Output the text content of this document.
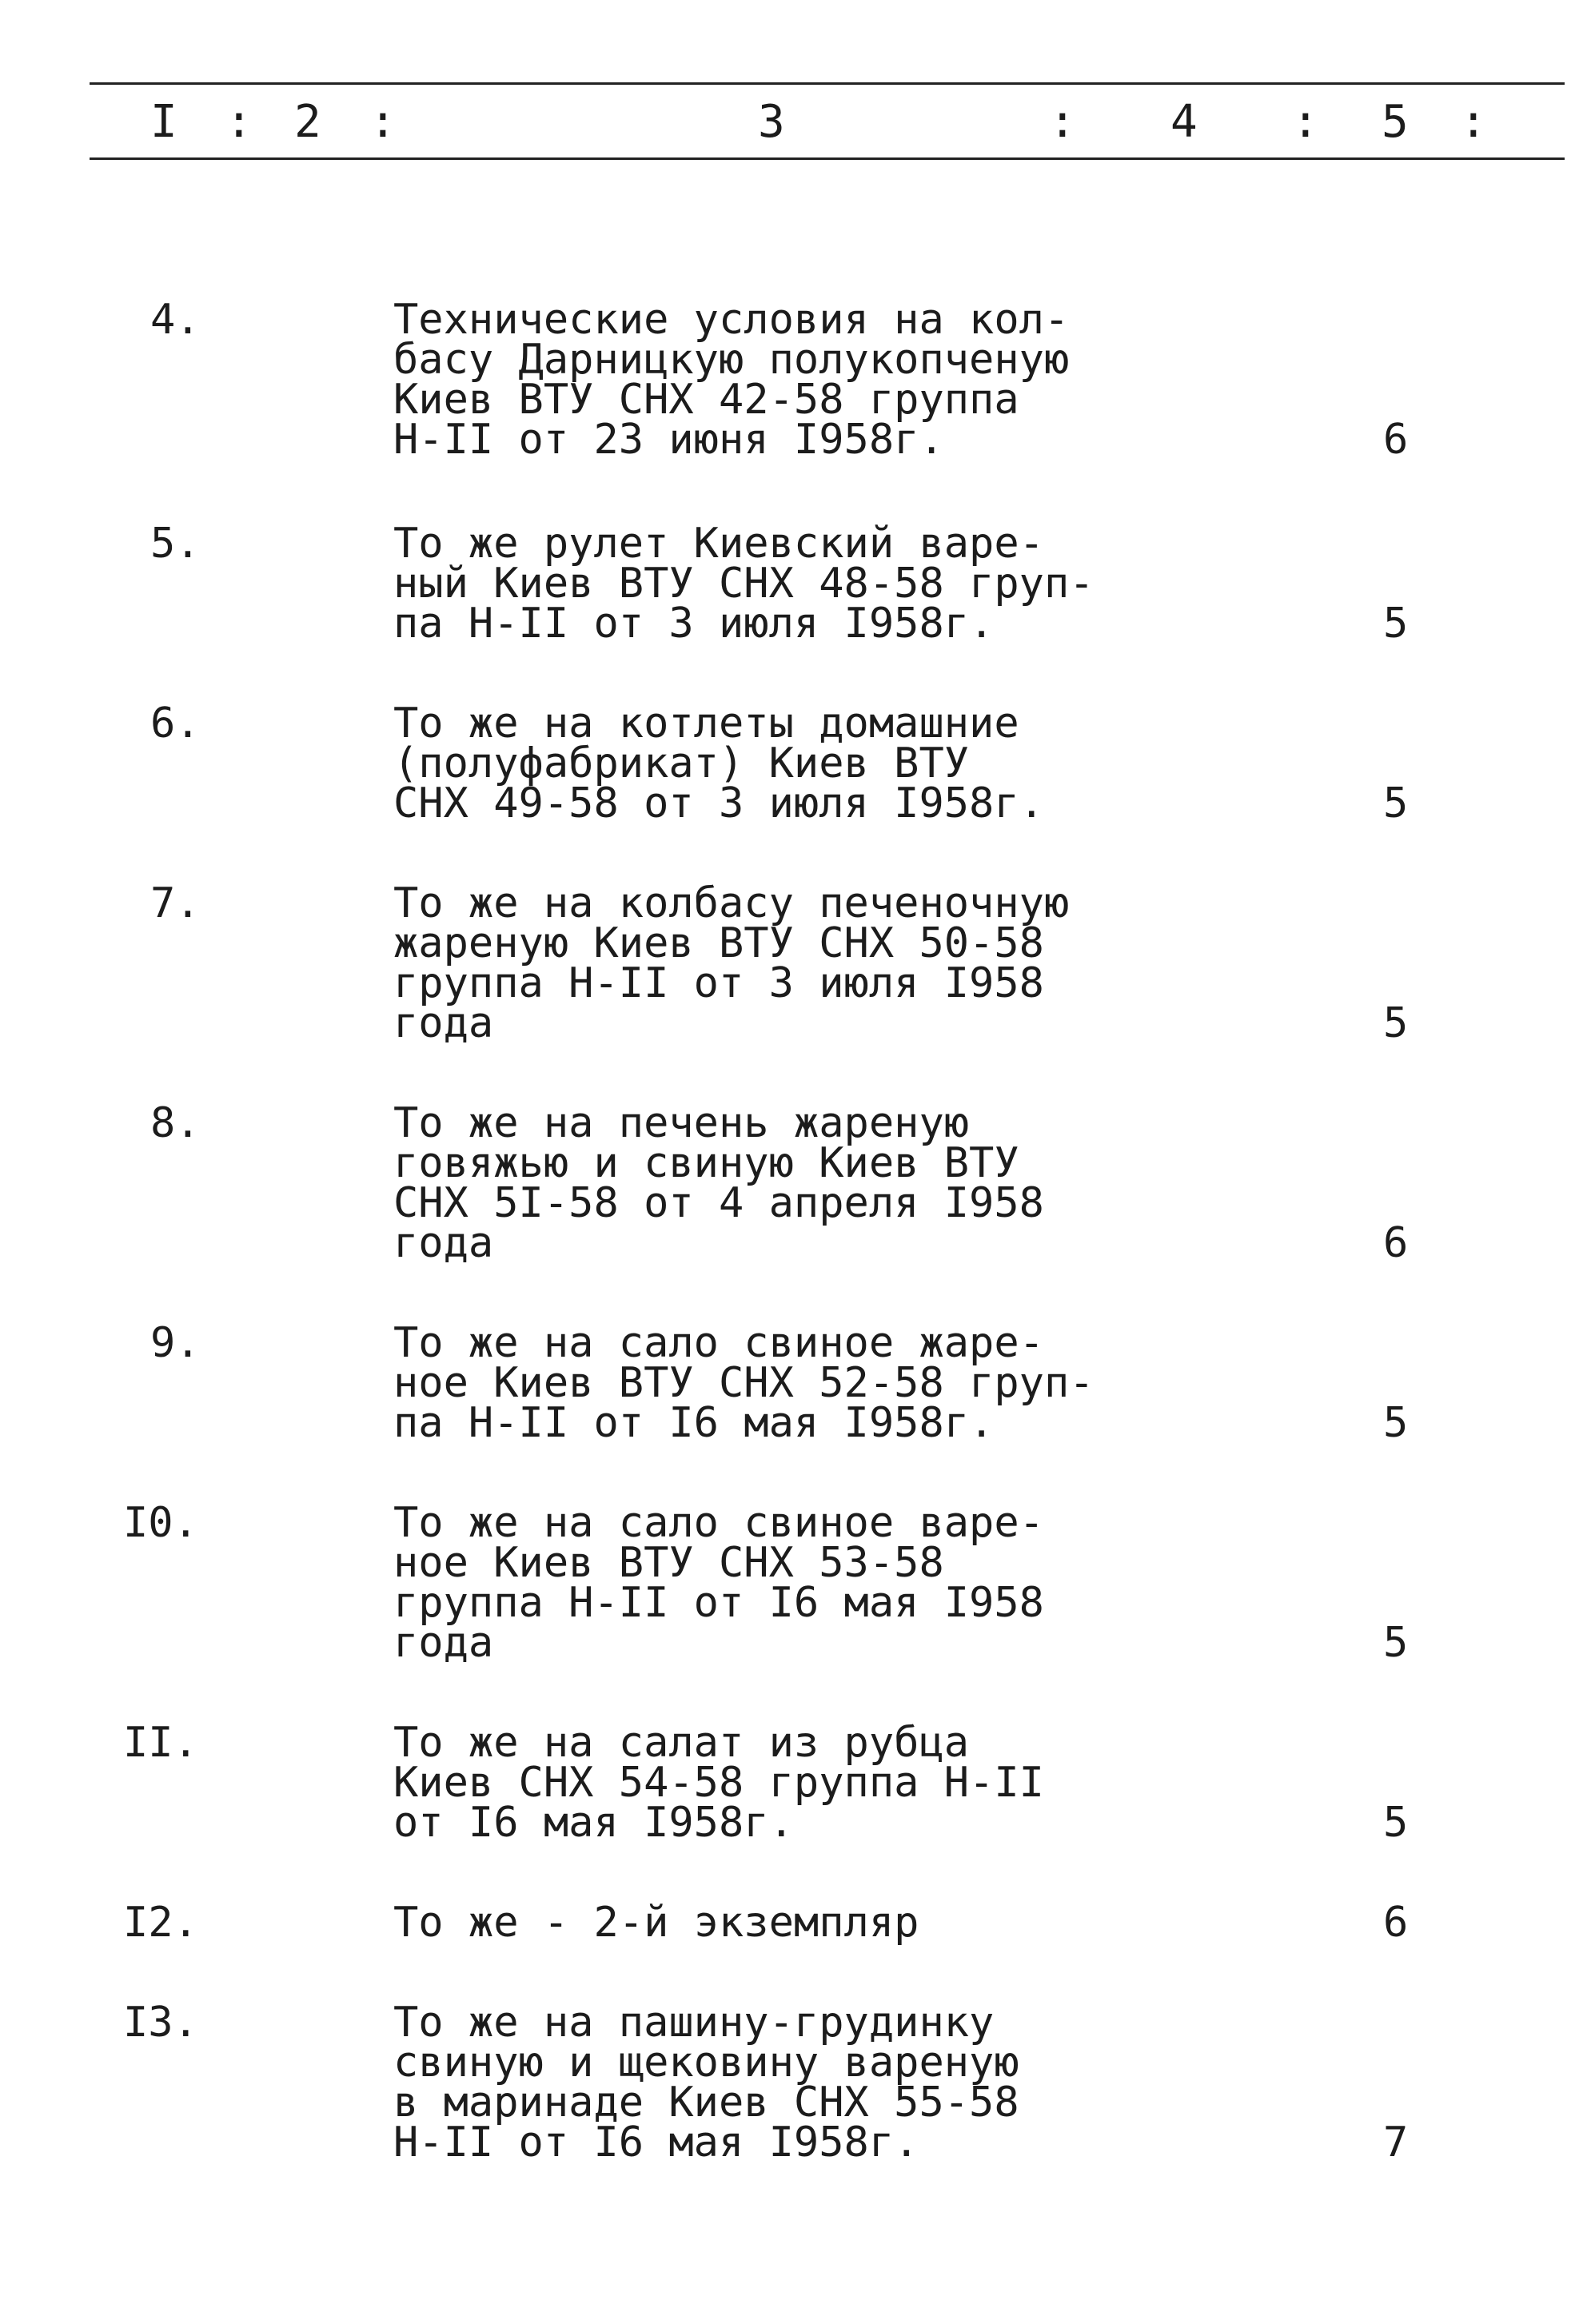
I : 2 :	3	: 4 : 5 :
4.	Технические условия на кол-
басу Дарницкую полукопченую
Киев ВТУ СНХ 42-58 группа
Н-II от 23 июня I958г.	6
5.	То же рулет Киевский варе-
ный Киев ВТУ СНХ 48-58 груп-
па Н-II от 3 июля I958г.	5
6.	То же на котлеты домашние
(полуфабрикат) Киев ВТУ
СНХ 49-58 от 3 июля I958г.	5
7.	То же на колбасу печеночную
жареную Киев ВТУ СНХ 50-58
группа Н-II от 3 июля I958
года	5
8.	То же на печень жареную
говяжью и свиную Киев ВТУ
СНХ 5I-58 от 4 апреля I958
года	6
9.	То же на сало свиное жаре-
ное Киев ВТУ СНХ 52-58 груп-
па Н-II от I6 мая I958г.	5
I0.	То же на сало свиное варе-
ное Киев ВТУ СНХ 53-58
группа Н-II от I6 мая I958
года	5
II.	То же на салат из рубца
Киев СНХ 54-58 группа Н-II
от I6 мая I958г.	5
I2.	То же - 2-й экземпляр	6
I3.	То же на пашину-грудинку
свиную и щековину вареную
в маринаде Киев СНХ 55-58
Н-II от I6 мая I958г.	7
